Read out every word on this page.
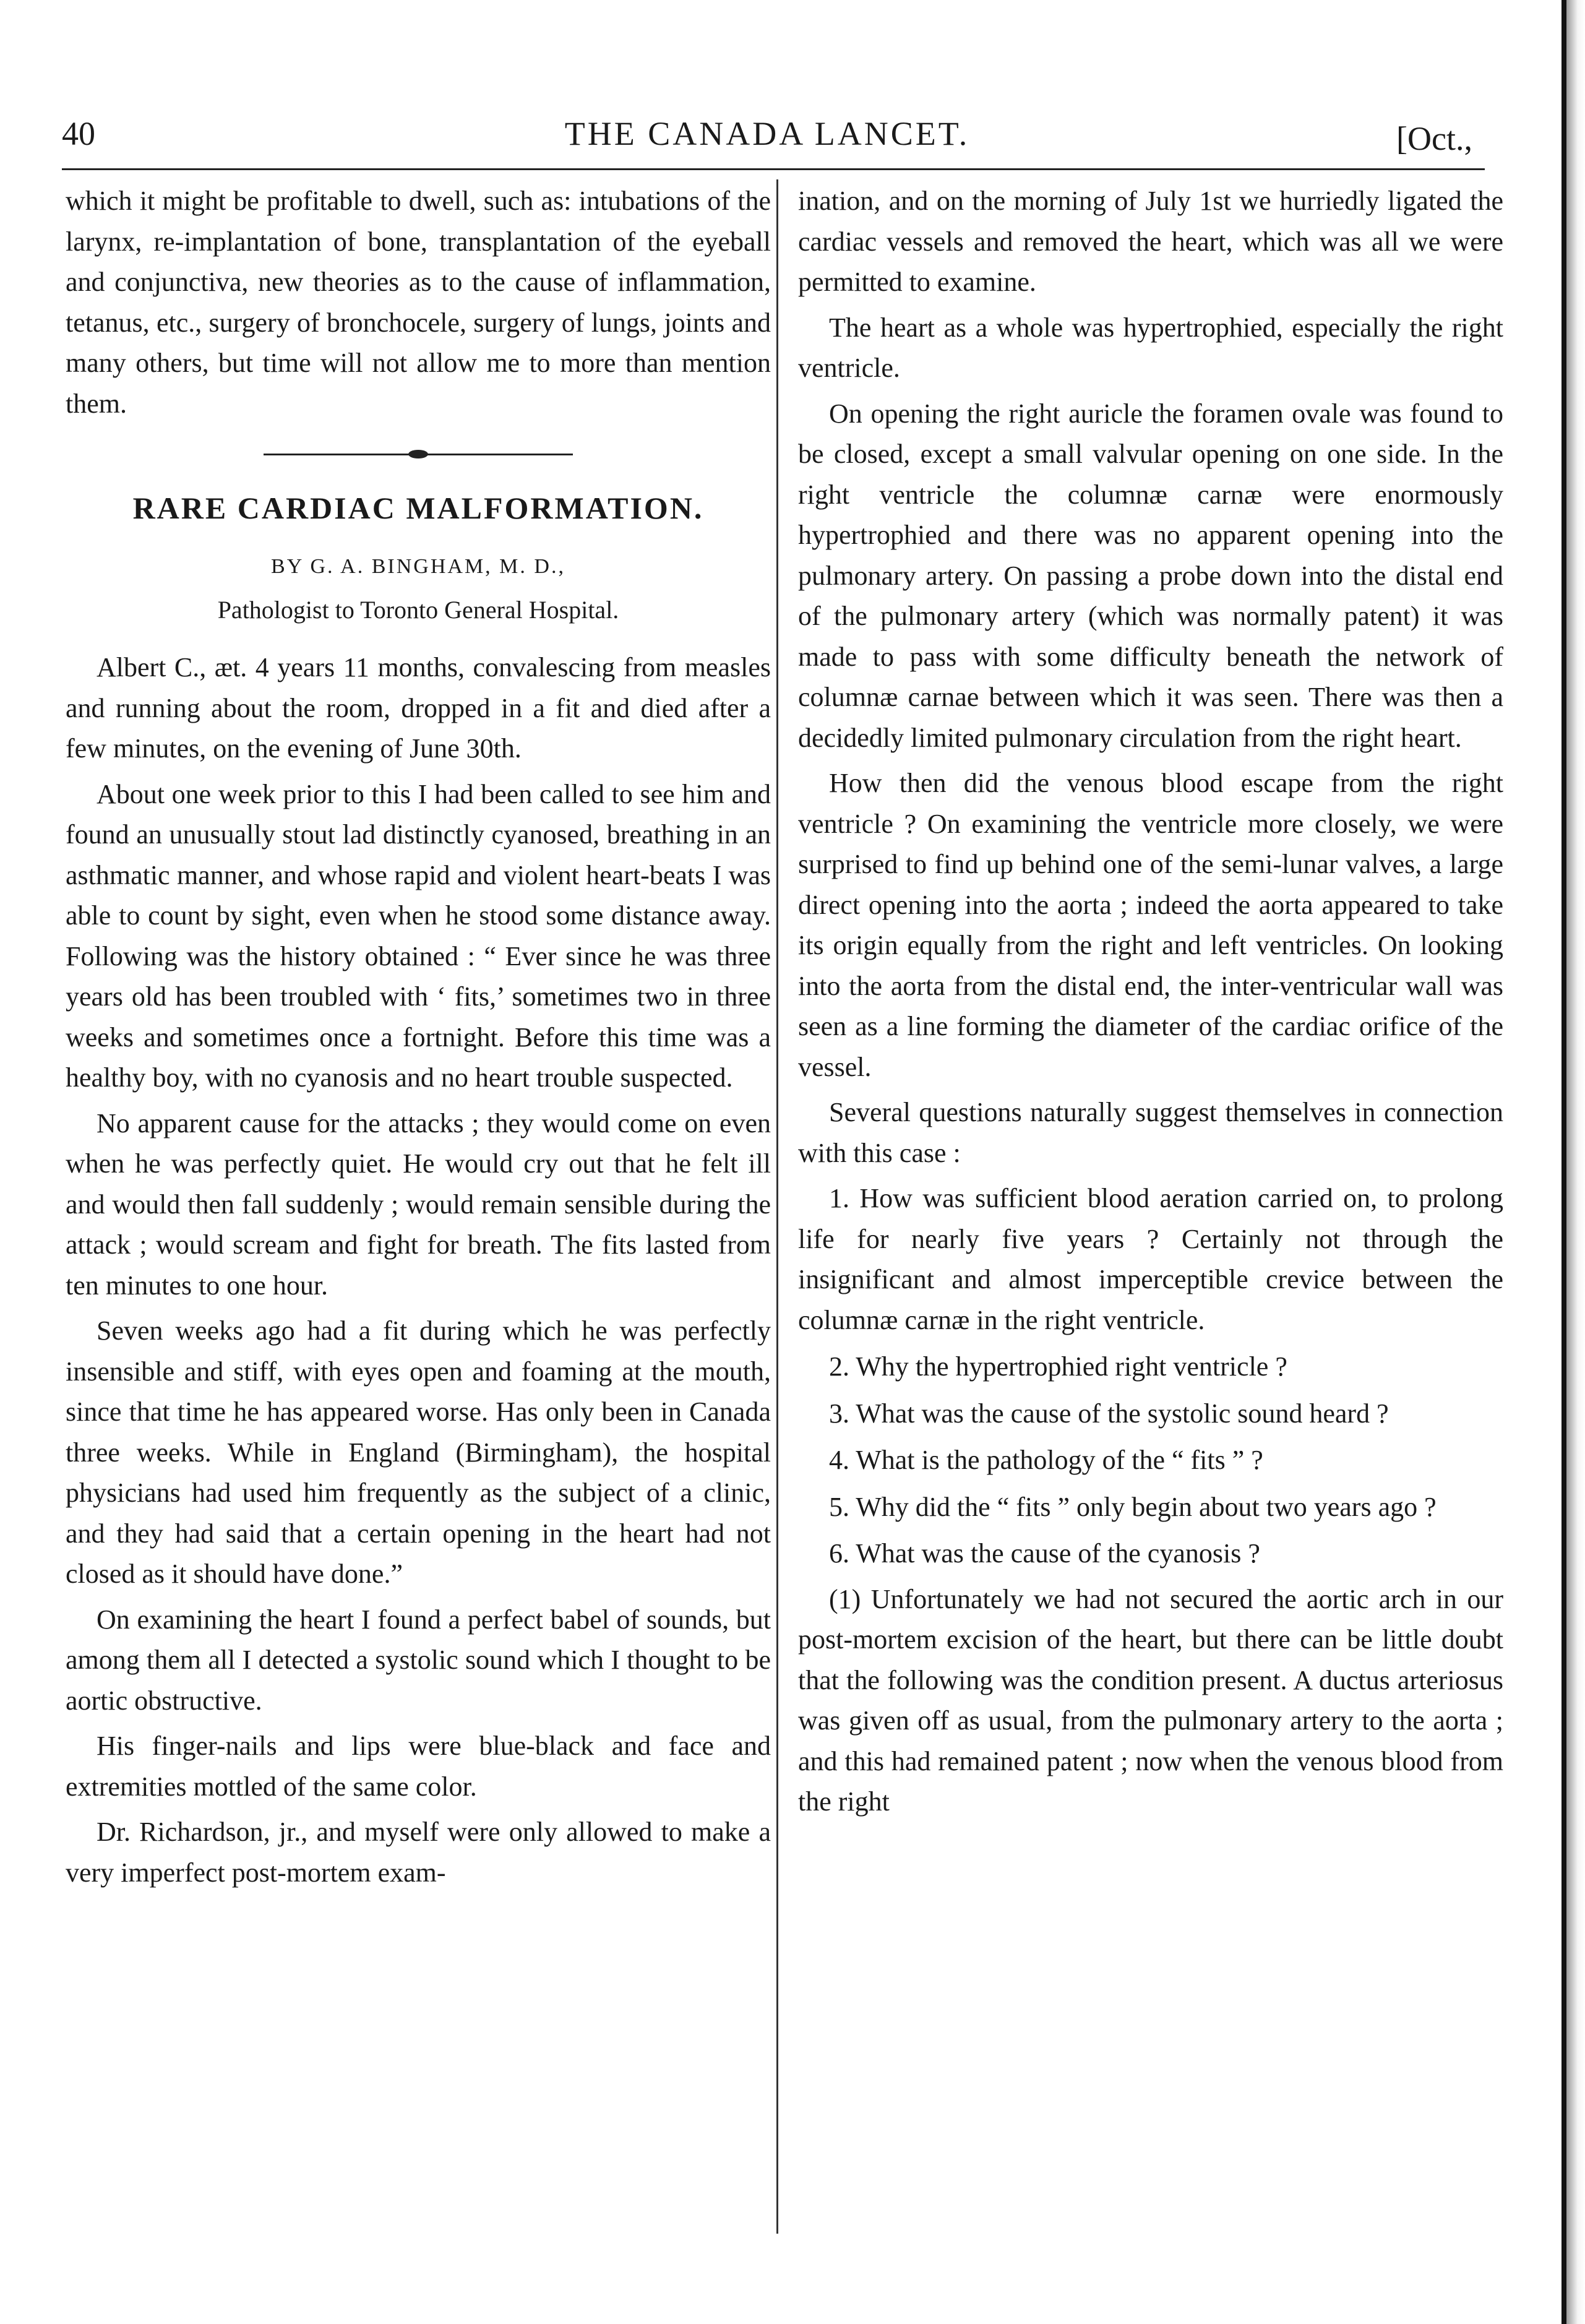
40	THE CANADA LANCET.	[Oct.,

which it might be profitable to dwell, such as: intubations of the larynx, re-implantation of bone, transplantation of the eyeball and conjunctiva, new theories as to the cause of inflammation, tetanus, etc., surgery of bronchocele, surgery of lungs, joints and many others, but time will not allow me to more than mention them.

RARE CARDIAC MALFORMATION.
BY G. A. BINGHAM, M. D.,
Pathologist to Toronto General Hospital.

Albert C., æt. 4 years 11 months, convalescing from measles and running about the room, dropped in a fit and died after a few minutes, on the evening of June 30th.

About one week prior to this I had been called to see him and found an unusually stout lad distinctly cyanosed, breathing in an asthmatic manner, and whose rapid and violent heart-beats I was able to count by sight, even when he stood some distance away. Following was the history obtained : “ Ever since he was three years old has been troubled with ‘ fits,’ sometimes two in three weeks and sometimes once a fortnight. Before this time was a healthy boy, with no cyanosis and no heart trouble suspected.

No apparent cause for the attacks ; they would come on even when he was perfectly quiet. He would cry out that he felt ill and would then fall suddenly ; would remain sensible during the attack ; would scream and fight for breath. The fits lasted from ten minutes to one hour.

Seven weeks ago had a fit during which he was perfectly insensible and stiff, with eyes open and foaming at the mouth, since that time he has appeared worse. Has only been in Canada three weeks. While in England (Birmingham), the hospital physicians had used him frequently as the subject of a clinic, and they had said that a certain opening in the heart had not closed as it should have done.”

On examining the heart I found a perfect babel of sounds, but among them all I detected a systolic sound which I thought to be aortic obstructive.

His finger-nails and lips were blue-black and face and extremities mottled of the same color.

Dr. Richardson, jr., and myself were only allowed to make a very imperfect post-mortem exam-

ination, and on the morning of July 1st we hurriedly ligated the cardiac vessels and removed the heart, which was all we were permitted to examine.

The heart as a whole was hypertrophied, especially the right ventricle.

On opening the right auricle the foramen ovale was found to be closed, except a small valvular opening on one side. In the right ventricle the columnæ carnæ were enormously hypertrophied and there was no apparent opening into the pulmonary artery. On passing a probe down into the distal end of the pulmonary artery (which was normally patent) it was made to pass with some difficulty beneath the network of columnæ carnae between which it was seen. There was then a decidedly limited pulmonary circulation from the right heart.

How then did the venous blood escape from the right ventricle ? On examining the ventricle more closely, we were surprised to find up behind one of the semi-lunar valves, a large direct opening into the aorta ; indeed the aorta appeared to take its origin equally from the right and left ventricles. On looking into the aorta from the distal end, the inter-ventricular wall was seen as a line forming the diameter of the cardiac orifice of the vessel.

Several questions naturally suggest themselves in connection with this case :

1. How was sufficient blood aeration carried on, to prolong life for nearly five years ? Certainly not through the insignificant and almost imperceptible crevice between the columnæ carnæ in the right ventricle.

2. Why the hypertrophied right ventricle ?

3. What was the cause of the systolic sound heard ?

4. What is the pathology of the “ fits ” ?

5. Why did the “ fits ” only begin about two years ago ?

6. What was the cause of the cyanosis ?

(1) Unfortunately we had not secured the aortic arch in our post-mortem excision of the heart, but there can be little doubt that the following was the condition present. A ductus arteriosus was given off as usual, from the pulmonary artery to the aorta ; and this had remained patent ; now when the venous blood from the right
